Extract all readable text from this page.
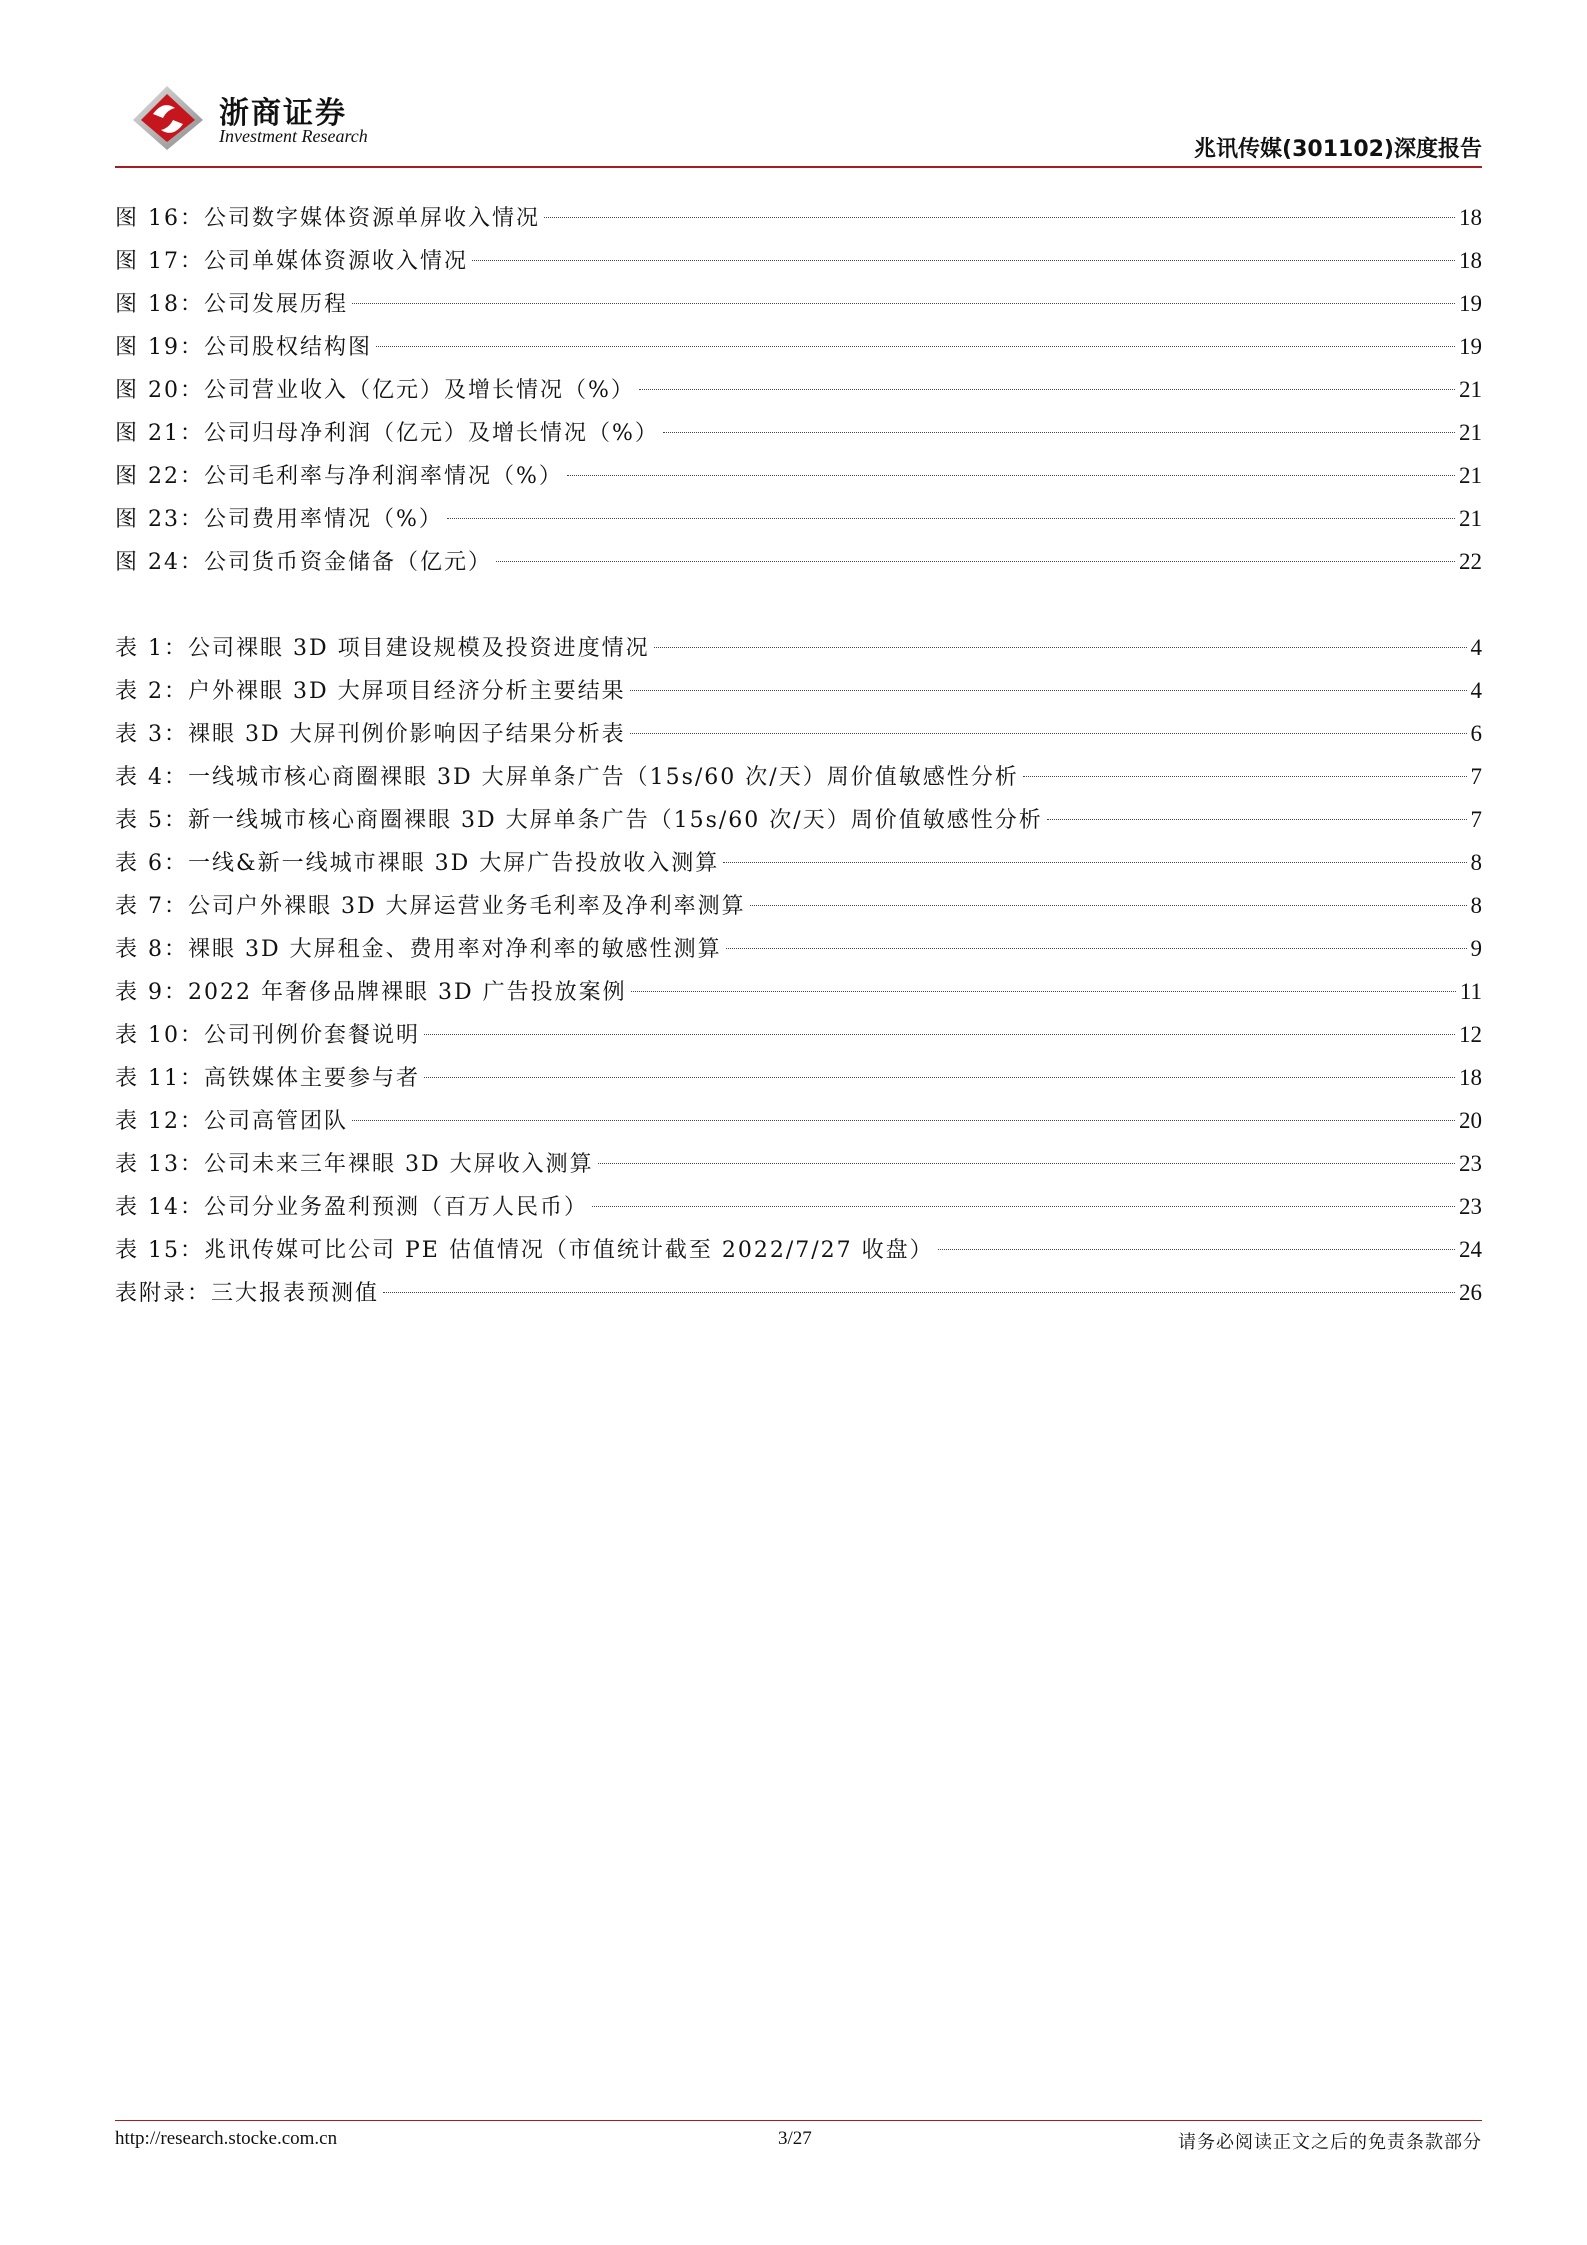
浙商证券
Investment Research
兆讯传媒(301102)深度报告
图 16：公司数字媒体资源单屏收入情况	18
图 17：公司单媒体资源收入情况	18
图 18：公司发展历程	19
图 19：公司股权结构图	19
图 20：公司营业收入（亿元）及增长情况（%）	21
图 21：公司归母净利润（亿元）及增长情况（%）	21
图 22：公司毛利率与净利润率情况（%）	21
图 23：公司费用率情况（%）	21
图 24：公司货币资金储备（亿元）	22
表 1：公司裸眼 3D 项目建设规模及投资进度情况	4
表 2：户外裸眼 3D 大屏项目经济分析主要结果	4
表 3：裸眼 3D 大屏刊例价影响因子结果分析表	6
表 4：一线城市核心商圈裸眼 3D 大屏单条广告（15s/60 次/天）周价值敏感性分析	7
表 5：新一线城市核心商圈裸眼 3D 大屏单条广告（15s/60 次/天）周价值敏感性分析	7
表 6：一线&新一线城市裸眼 3D 大屏广告投放收入测算	8
表 7：公司户外裸眼 3D 大屏运营业务毛利率及净利率测算	8
表 8：裸眼 3D 大屏租金、费用率对净利率的敏感性测算	9
表 9：2022 年奢侈品牌裸眼 3D 广告投放案例	11
表 10：公司刊例价套餐说明	12
表 11：高铁媒体主要参与者	18
表 12：公司高管团队	20
表 13：公司未来三年裸眼 3D 大屏收入测算	23
表 14：公司分业务盈利预测（百万人民币）	23
表 15：兆讯传媒可比公司 PE 估值情况（市值统计截至 2022/7/27 收盘）	24
表附录：三大报表预测值	26
http://research.stocke.com.cn	3/27	请务必阅读正文之后的免责条款部分
